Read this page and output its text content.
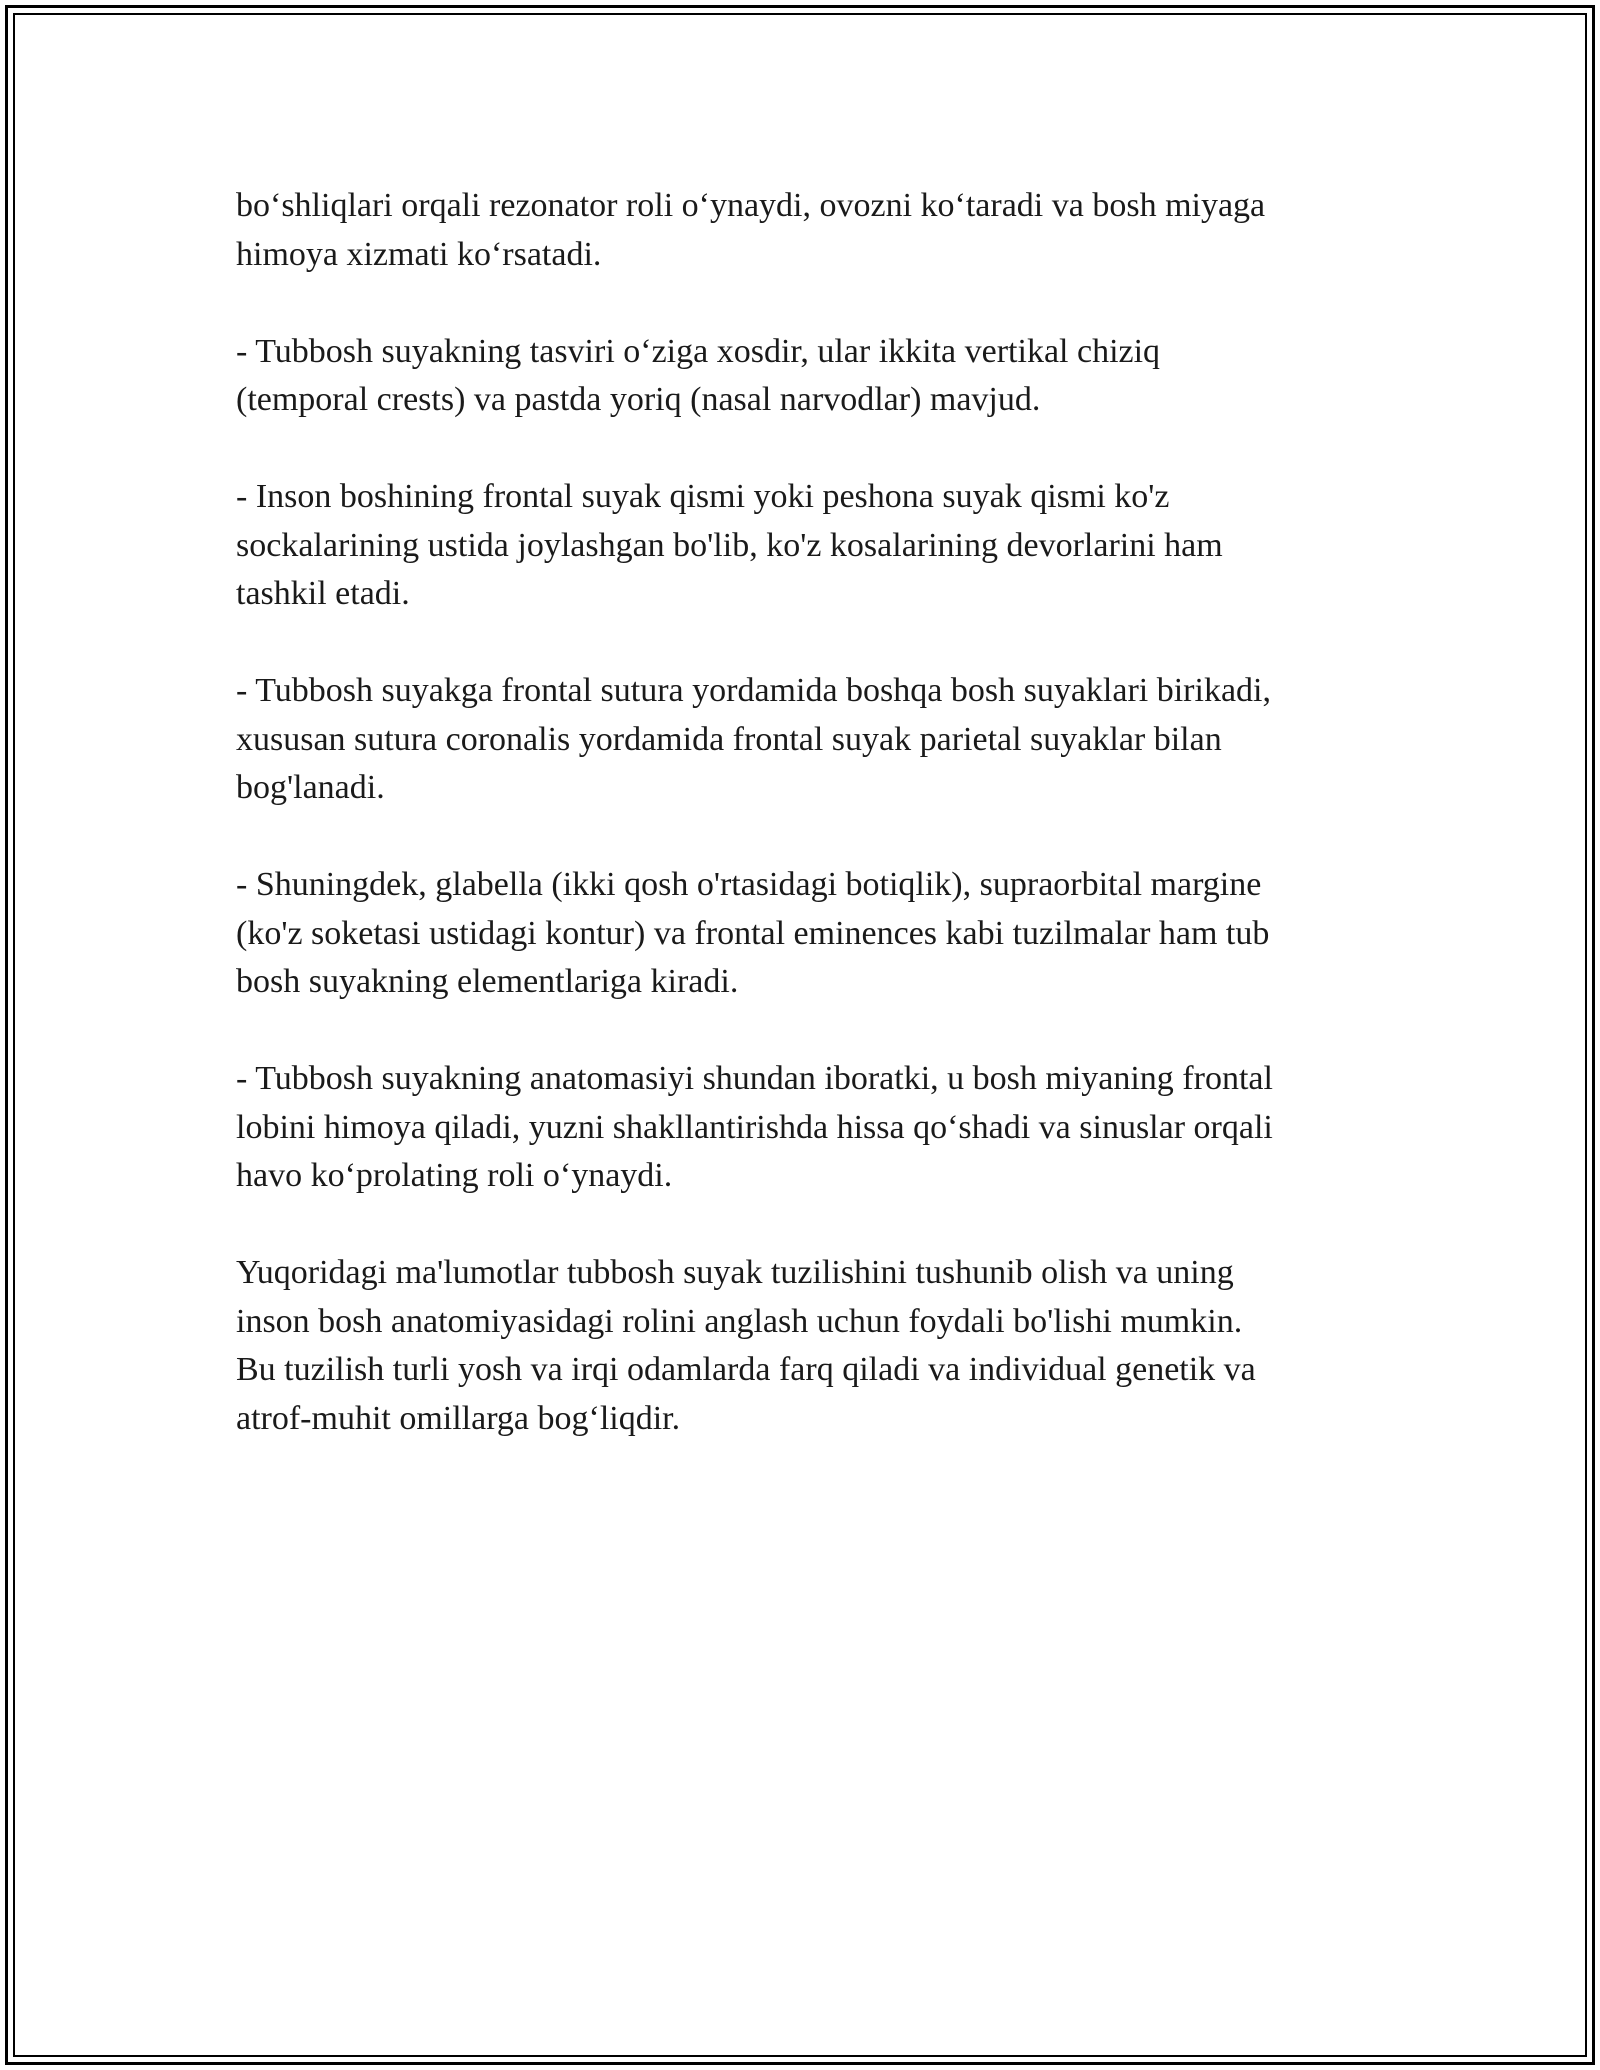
bo‘shliqlari orqali rezonator roli o‘ynaydi, ovozni ko‘taradi va bosh miyaga
himoya xizmati ko‘rsatadi.

- Tubbosh suyakning tasviri o‘ziga xosdir, ular ikkita vertikal chiziq
(temporal crests) va pastda yoriq (nasal narvodlar) mavjud.

- Inson boshining frontal suyak qismi yoki peshona suyak qismi ko'z
sockalarining ustida joylashgan bo'lib, ko'z kosalarining devorlarini ham
tashkil etadi.

- Tubbosh suyakga frontal sutura yordamida boshqa bosh suyaklari birikadi,
xususan sutura coronalis yordamida frontal suyak parietal suyaklar bilan
bog'lanadi.

- Shuningdek, glabella (ikki qosh o'rtasidagi botiqlik), supraorbital margine
(ko'z soketasi ustidagi kontur) va frontal eminences kabi tuzilmalar ham tub
bosh suyakning elementlariga kiradi.

- Tubbosh suyakning anatomasiyi shundan iboratki, u bosh miyaning frontal
lobini himoya qiladi, yuzni shakllantirishda hissa qo‘shadi va sinuslar orqali
havo ko‘prolating roli o‘ynaydi.

Yuqoridagi ma'lumotlar tubbosh suyak tuzilishini tushunib olish va uning
inson bosh anatomiyasidagi rolini anglash uchun foydali bo'lishi mumkin.
Bu tuzilish turli yosh va irqi odamlarda farq qiladi va individual genetik va
atrof-muhit omillarga bog‘liqdir.
